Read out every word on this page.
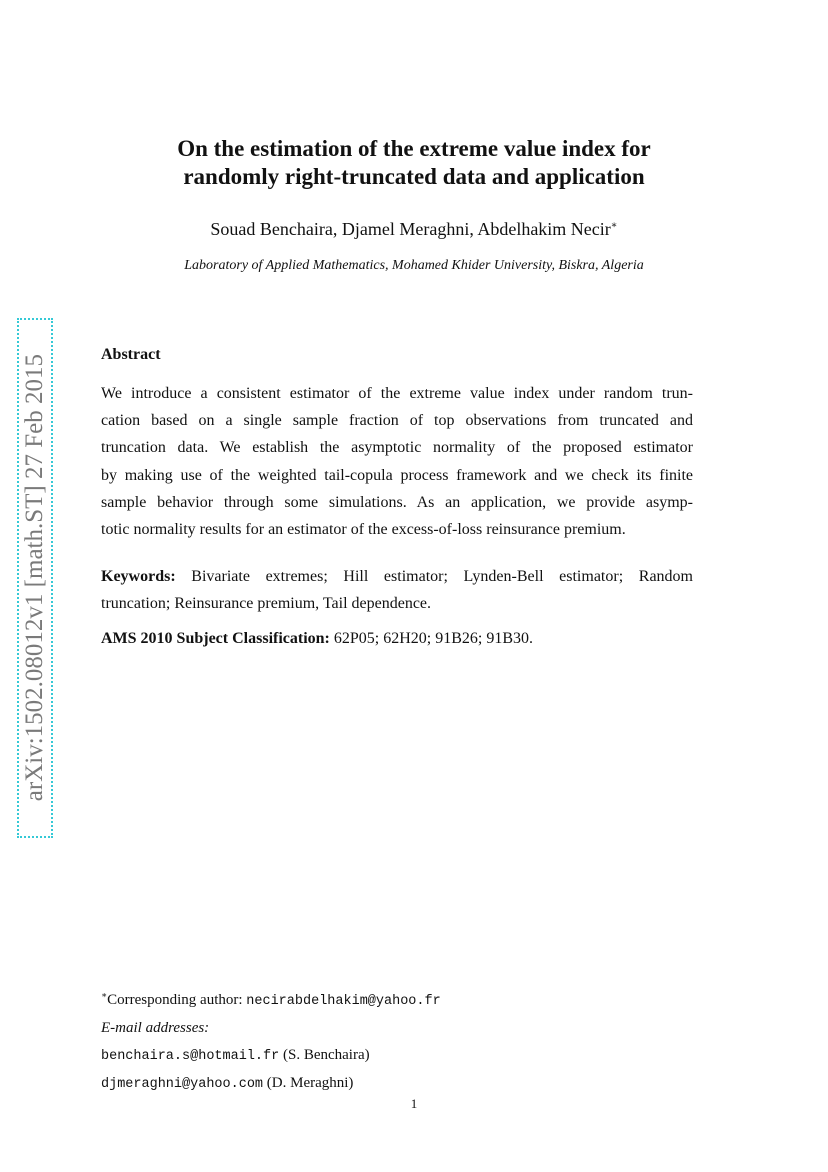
On the estimation of the extreme value index for
randomly right-truncated data and application
Souad Benchaira, Djamel Meraghni, Abdelhakim Necir∗
Laboratory of Applied Mathematics, Mohamed Khider University, Biskra, Algeria
arXiv:1502.08012v1 [math.ST] 27 Feb 2015	Abstract
We introduce a consistent estimator of the extreme value index under random trun-
cation based on a single sample fraction of top observations from truncated and
truncation data. We establish the asymptotic normality of the proposed estimator
by making use of the weighted tail-copula process framework and we check its finite
sample behavior through some simulations. As an application, we provide asymp-
totic normality results for an estimator of the excess-of-loss reinsurance premium.
Keywords: Bivariate extremes; Hill estimator; Lynden-Bell estimator; Random
truncation; Reinsurance premium, Tail dependence.
AMS 2010 Subject Classification: 62P05; 62H20; 91B26; 91B30.
∗Corresponding author: necirabdelhakim@yahoo.fr
E-mail addresses:
benchaira.s@hotmail.fr (S. Benchaira)
djmeraghni@yahoo.com (D. Meraghni)
1
